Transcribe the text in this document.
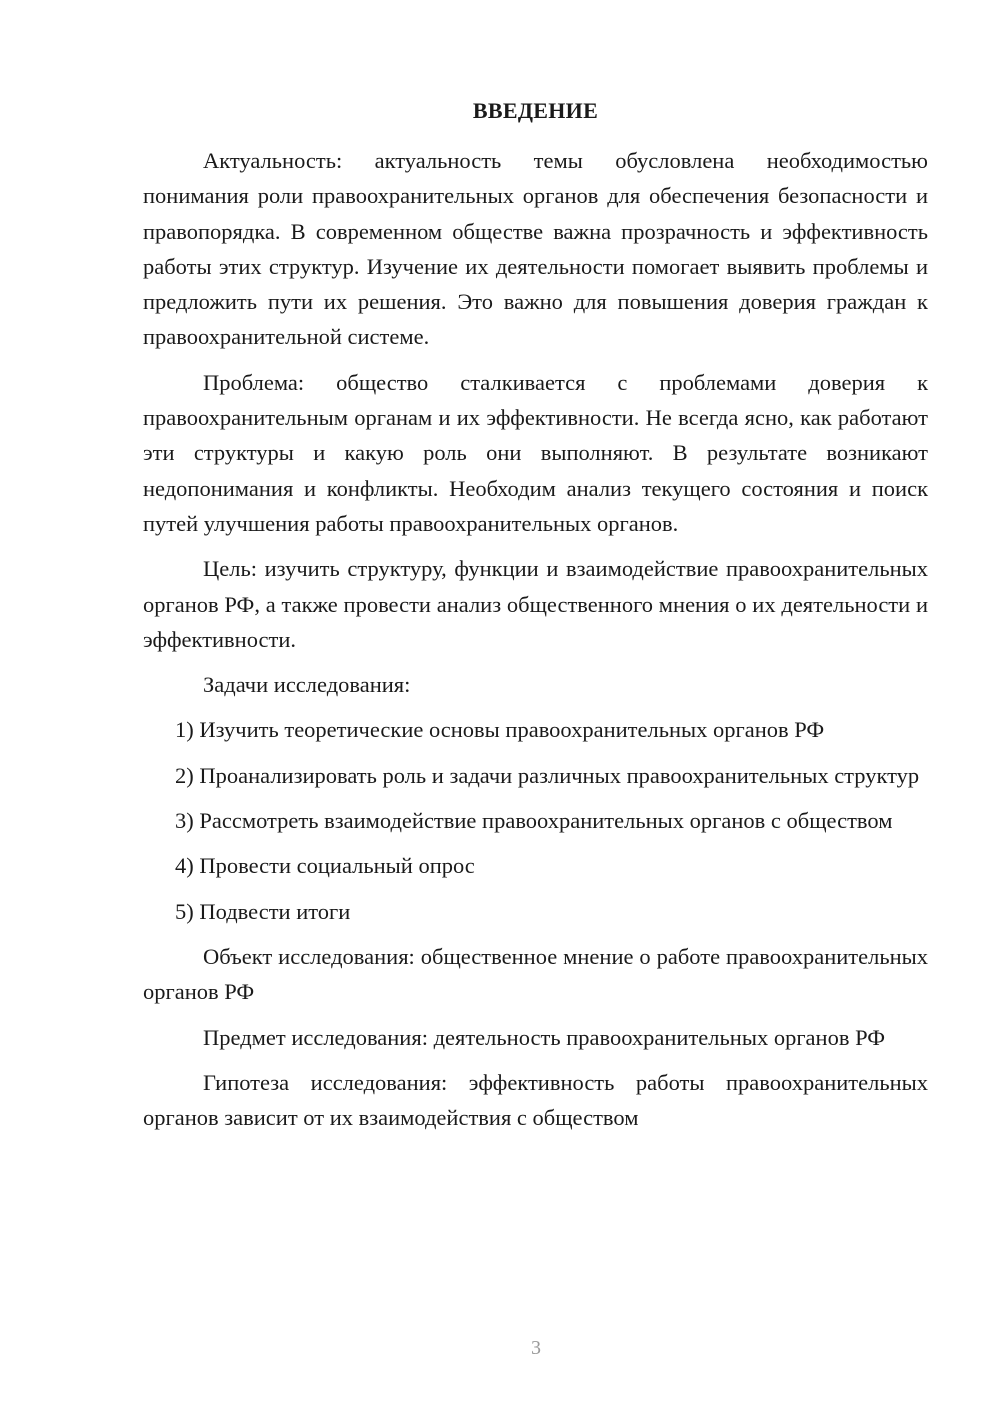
ВВЕДЕНИЕ

Актуальность: актуальность темы обусловлена необходимостью понимания роли правоохранительных органов для обеспечения безопасности и правопорядка. В современном обществе важна прозрачность и эффективность работы этих структур. Изучение их деятельности помогает выявить проблемы и предложить пути их решения. Это важно для повышения доверия граждан к правоохранительной системе.

Проблема: общество сталкивается с проблемами доверия к правоохранительным органам и их эффективности. Не всегда ясно, как работают эти структуры и какую роль они выполняют. В результате возникают недопонимания и конфликты. Необходим анализ текущего состояния и поиск путей улучшения работы правоохранительных органов.

Цель: изучить структуру, функции и взаимодействие правоохранительных органов РФ, а также провести анализ общественного мнения о их деятельности и эффективности.

Задачи исследования:

1) Изучить теоретические основы правоохранительных органов РФ

2) Проанализировать роль и задачи различных правоохранительных структур

3) Рассмотреть взаимодействие правоохранительных органов с обществом

4) Провести социальный опрос

5) Подвести итоги

Объект исследования: общественное мнение о работе правоохранительных органов РФ

Предмет исследования: деятельность правоохранительных органов РФ

Гипотеза исследования: эффективность работы правоохранительных органов зависит от их взаимодействия с обществом

3
